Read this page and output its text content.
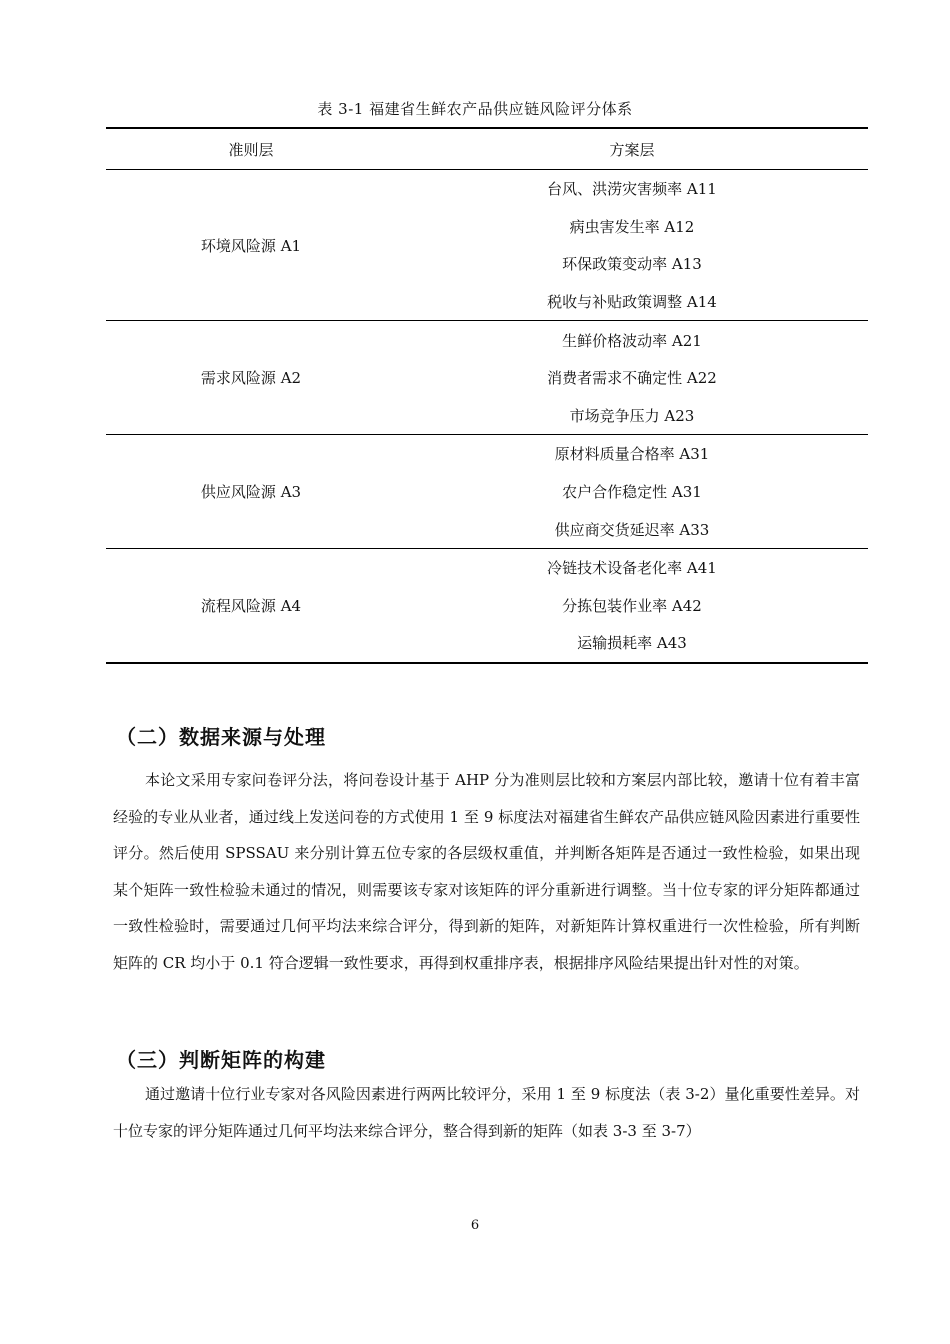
表 3-1 福建省生鲜农产品供应链风险评分体系
准则层	方案层
环境风险源 A1	台风、洪涝灾害频率 A11
	病虫害发生率 A12
	环保政策变动率 A13
	税收与补贴政策调整 A14
需求风险源 A2	生鲜价格波动率 A21
	消费者需求不确定性 A22
	市场竞争压力 A23
供应风险源 A3	原材料质量合格率 A31
	农户合作稳定性 A31
	供应商交货延迟率 A33
流程风险源 A4	冷链技术设备老化率 A41
	分拣包装作业率 A42
	运输损耗率 A43
（二）数据来源与处理

本论文采用专家问卷评分法，将问卷设计基于 AHP 分为准则层比较和方案层内部比较，邀请十位有着丰富经验的专业从业者，通过线上发送问卷的方式使用 1 至 9 标度法对福建省生鲜农产品供应链风险因素进行重要性评分。然后使用 SPSSAU 来分别计算五位专家的各层级权重值，并判断各矩阵是否通过一致性检验，如果出现某个矩阵一致性检验未通过的情况，则需要该专家对该矩阵的评分重新进行调整。当十位专家的评分矩阵都通过一致性检验时，需要通过几何平均法来综合评分，得到新的矩阵，对新矩阵计算权重进行一次性检验，所有判断矩阵的 CR 均小于 0.1 符合逻辑一致性要求，再得到权重排序表，根据排序风险结果提出针对性的对策。

（三）判断矩阵的构建

通过邀请十位行业专家对各风险因素进行两两比较评分，采用 1 至 9 标度法（表 3-2）量化重要性差异。对十位专家的评分矩阵通过几何平均法来综合评分，整合得到新的矩阵（如表 3-3 至 3-7）

6
